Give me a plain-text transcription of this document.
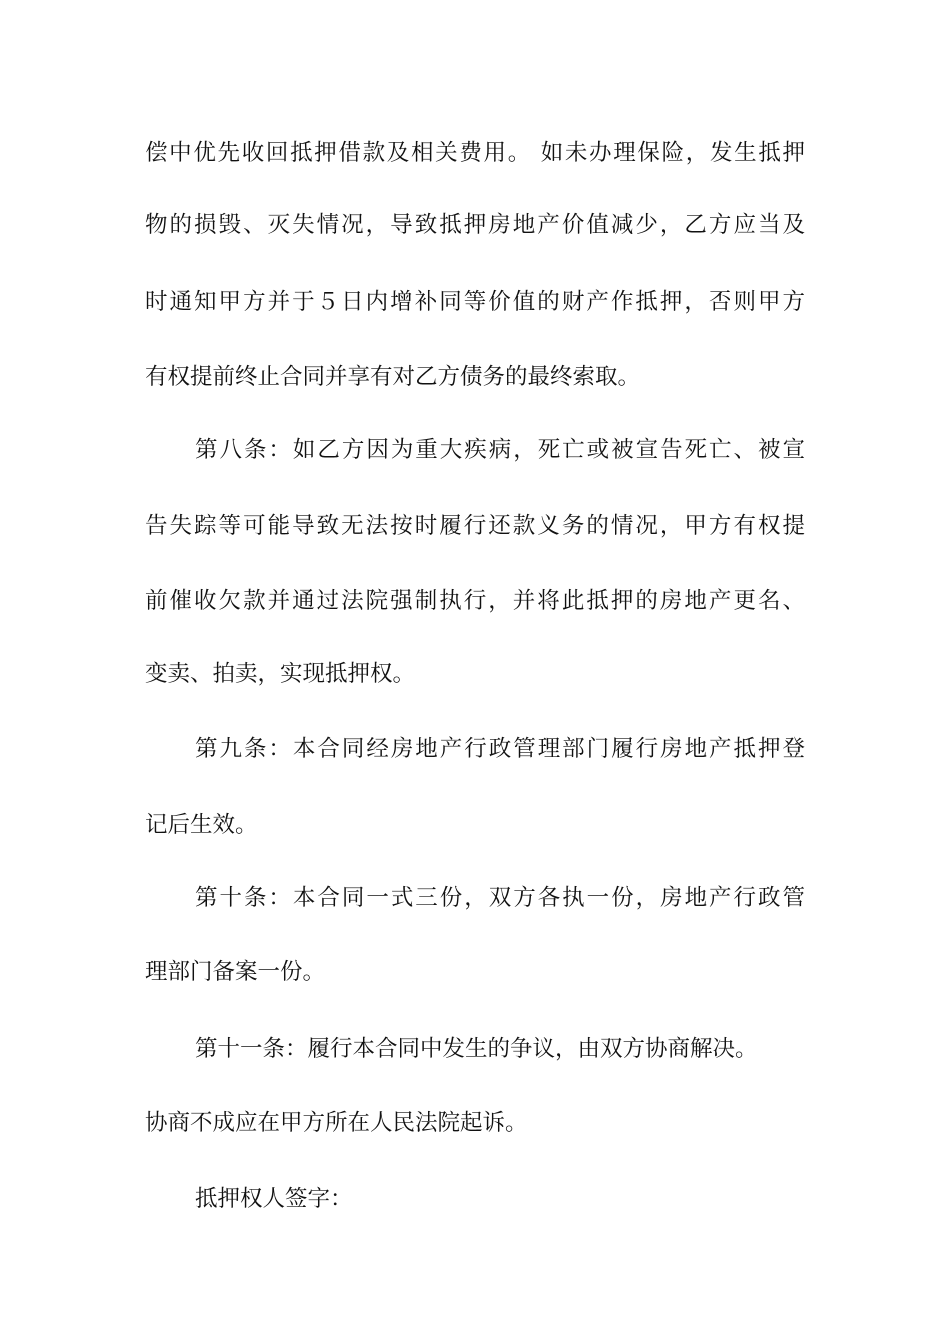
偿中优先收回抵押借款及相关费用。 如未办理保险，发生抵押
物的损毁、灭失情况，导致抵押房地产价值减少，乙方应当及
时通知甲方并于５日内增补同等价值的财产作抵押，否则甲方
有权提前终止合同并享有对乙方债务的最终索取。
第八条：如乙方因为重大疾病，死亡或被宣告死亡、被宣
告失踪等可能导致无法按时履行还款义务的情况，甲方有权提
前催收欠款并通过法院强制执行，并将此抵押的房地产更名、
变卖、拍卖，实现抵押权。
第九条：本合同经房地产行政管理部门履行房地产抵押登
记后生效。
第十条：本合同一式三份，双方各执一份，房地产行政管
理部门备案一份。
第十一条：履行本合同中发生的争议，由双方协商解决。
协商不成应在甲方所在人民法院起诉。
抵押权人签字：
